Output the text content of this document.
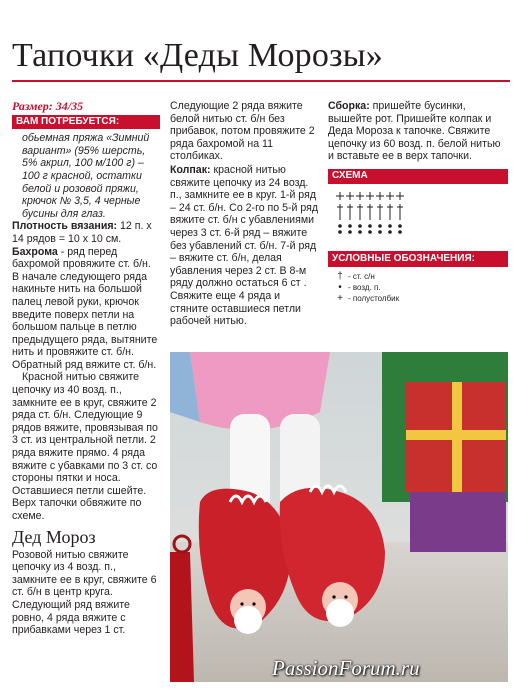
Тапочки «Деды Морозы»
Размер: 34/35
ВАМ ПОТРЕБУЕТСЯ:

обьемная пряжа «Зимний вариант» (95% шерсть, 5% акрил, 100 м/100 г) – 100 г красной, остатки белой и розовой пряжи, крючок № 3,5, 4 черные бусины для глаз.

Плотность вязания: 12 п. х 14 рядов = 10 х 10 см.

Бахрома - ряд перед бахромой провяжите ст. б/н. В начале следующего ряда накиньте нить на большой палец левой руки, крючок введите поверх петли на большом пальце в петлю предыдущего ряда, вытяните нить и провяжите ст. б/н. Обратный ряд вяжите ст. б/н.

Красной нитью свяжите цепочку из 40 возд. п., замкните ее в круг, свяжите 2 ряда ст. б/н. Следующие 9 рядов вяжите, провязывая по 3 ст. из центральной петли. 2 ряда вяжите прямо. 4 ряда вяжите с убавками по 3 ст. со стороны пятки и носа. Оставшиеся петли сшейте. Верх тапочки обвяжите по схеме.

Дед Мороз

Розовой нитью свяжите цепочку из 4 возд. п., замкните ее в круг, свяжите 6 ст. б/н в центр круга. Следующий ряд вяжите ровно, 4 ряда вяжите с прибавками через 1 ст.

Следующие 2 ряда вяжите белой нитью ст. б/н без прибавок, потом провяжите 2 ряда бахромой на 11 столбиках.

Колпак: красной нитью свяжите цепочку из 24 возд. п., замкните ее в круг. 1-й ряд – 24 ст. б/н. Со 2-го по 5-й ряд вяжите ст. б/н с убавлениями через 3 ст. 6-й ряд – вяжите без убавлений ст. б/н. 7-й ряд – вяжите ст. б/н, делая убавления через 2 ст. В 8-м ряду должно остаться 6 ст . Свяжите еще 4 ряда и стяните оставшиеся петли рабочей нитью.

Сборка: пришейте бусинки, вышейте рот. Пришейте колпак и Деда Мороза к тапочке. Свяжите цепочку из 60 возд. п. белой нитью и вставьте ее в верх тапочки.

СХЕМА
УСЛОВНЫЕ ОБОЗНАЧЕНИЯ:
† - ст. с/н
• - возд. п.
+ - полустолбик
PassionForum.ru
